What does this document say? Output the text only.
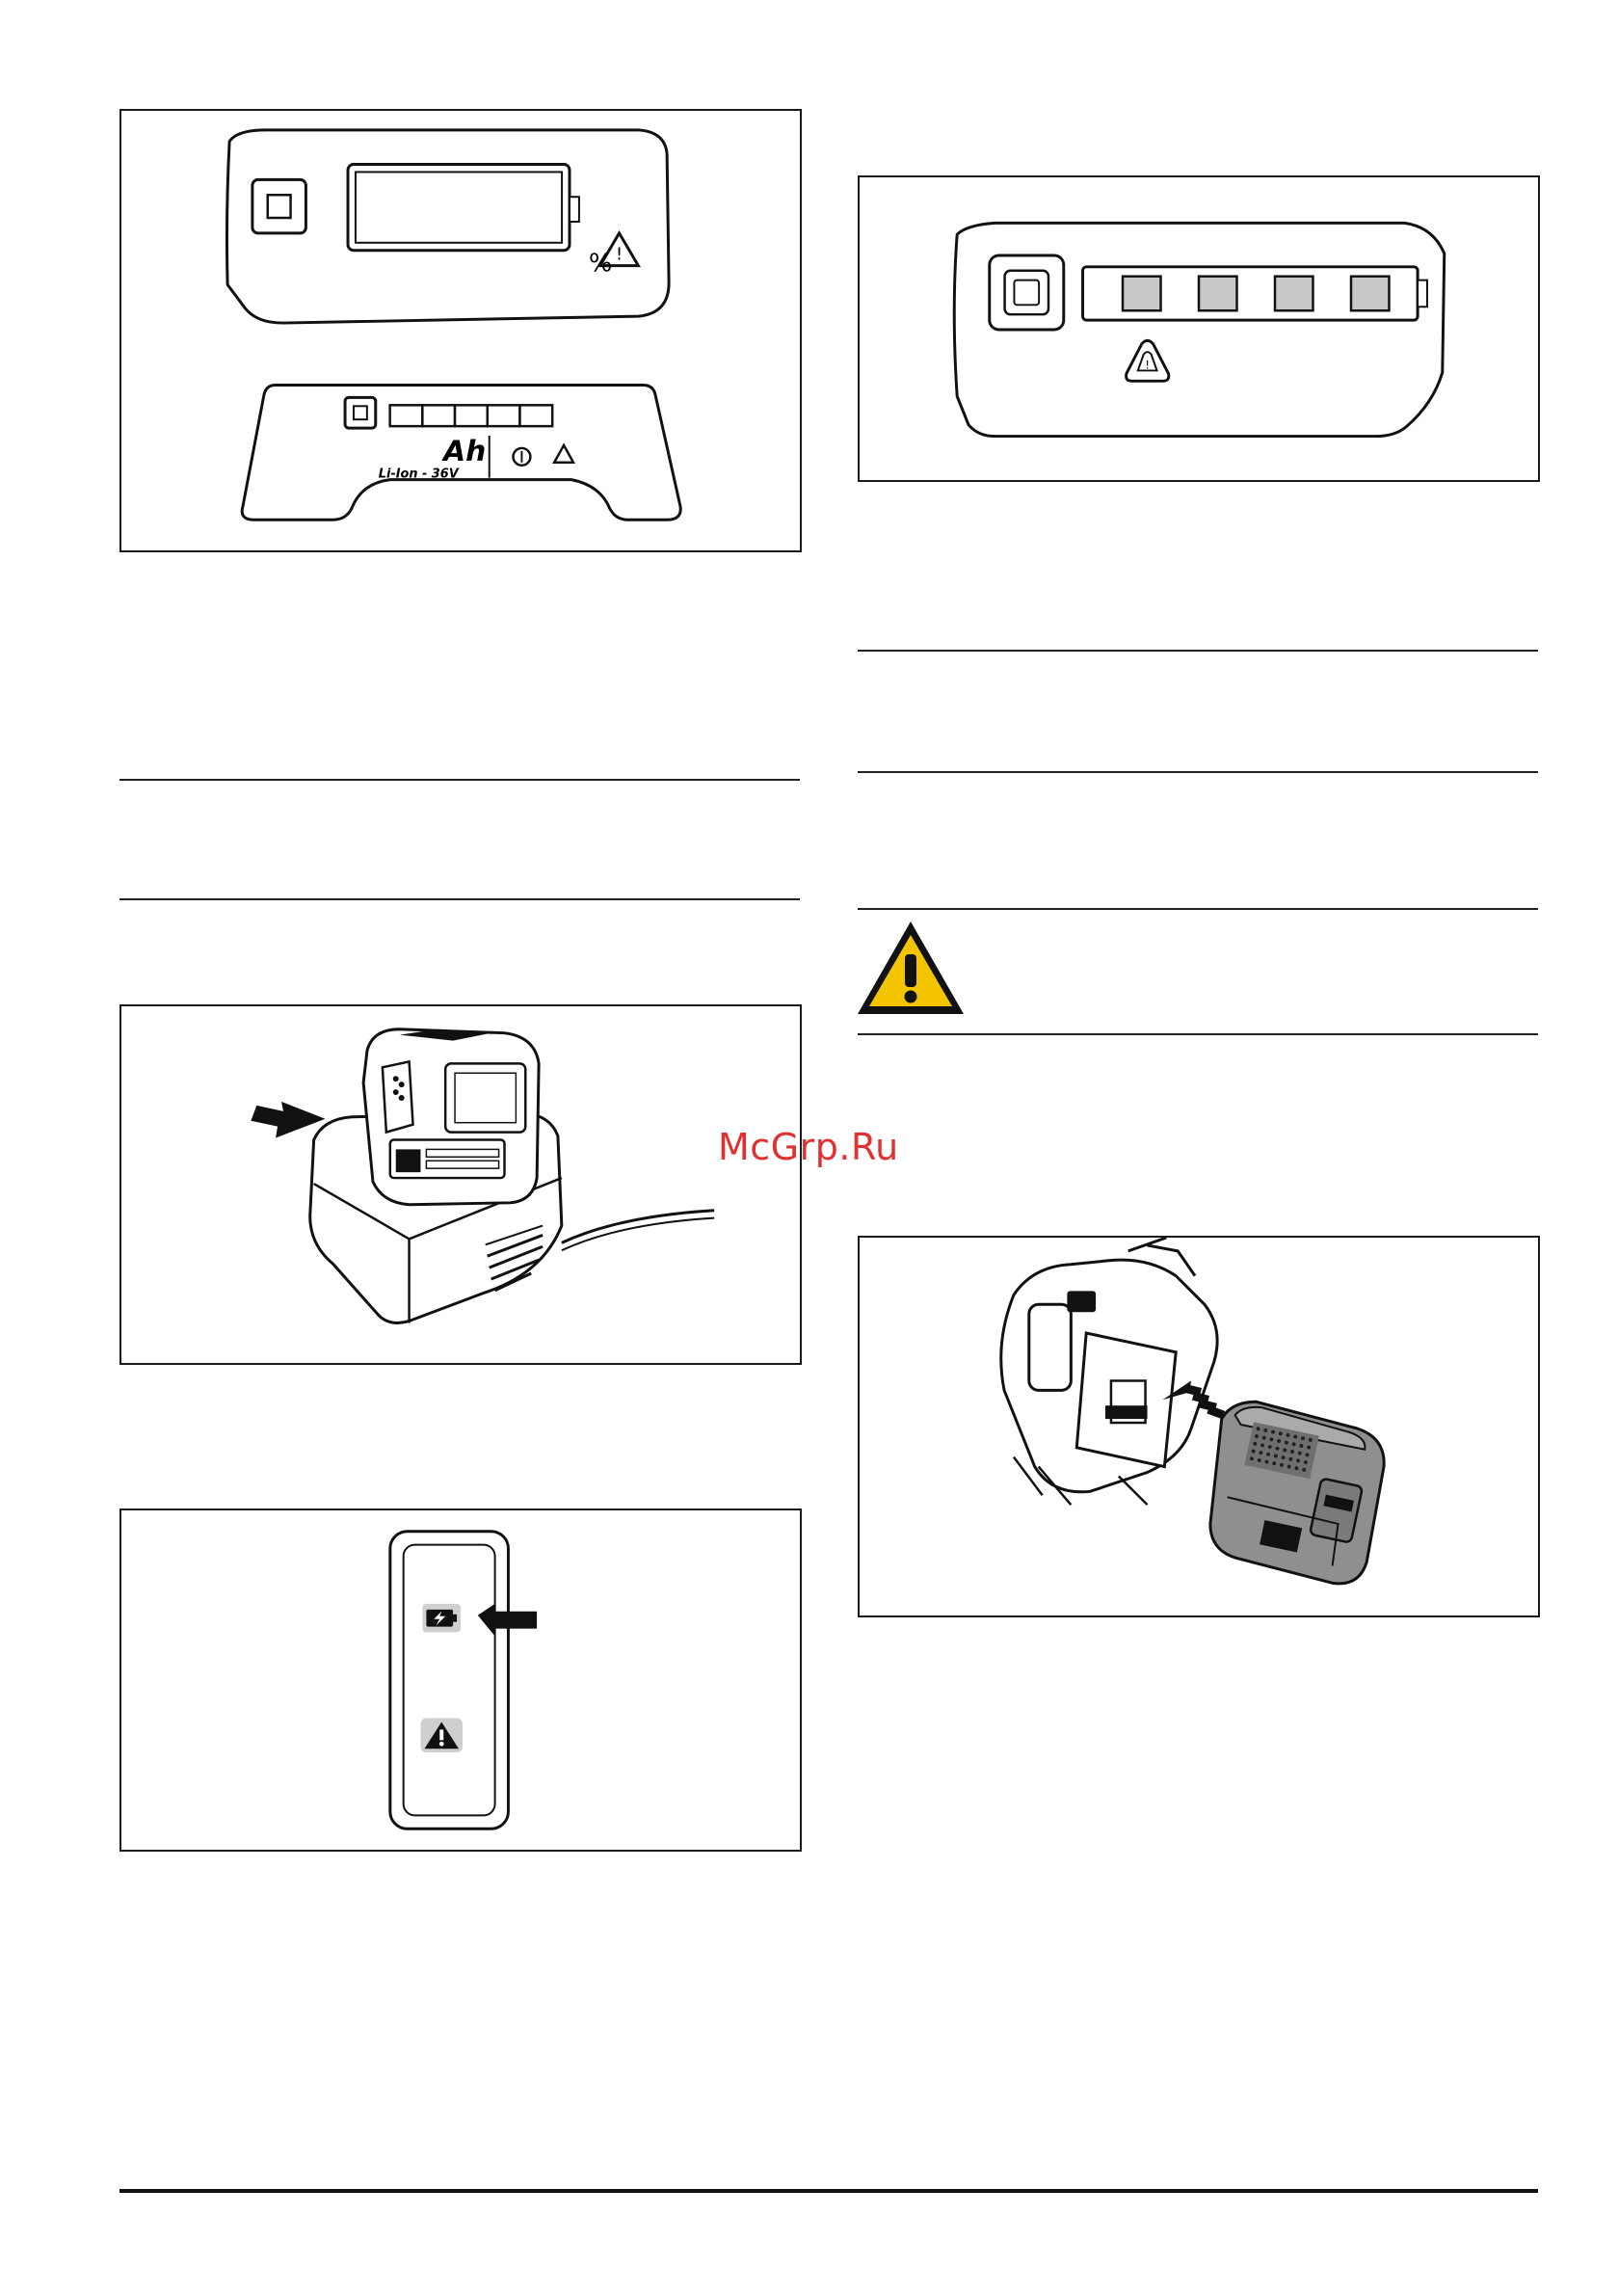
!
%
Ah
Li-Ion - 36V
!
McGrp.Ru
